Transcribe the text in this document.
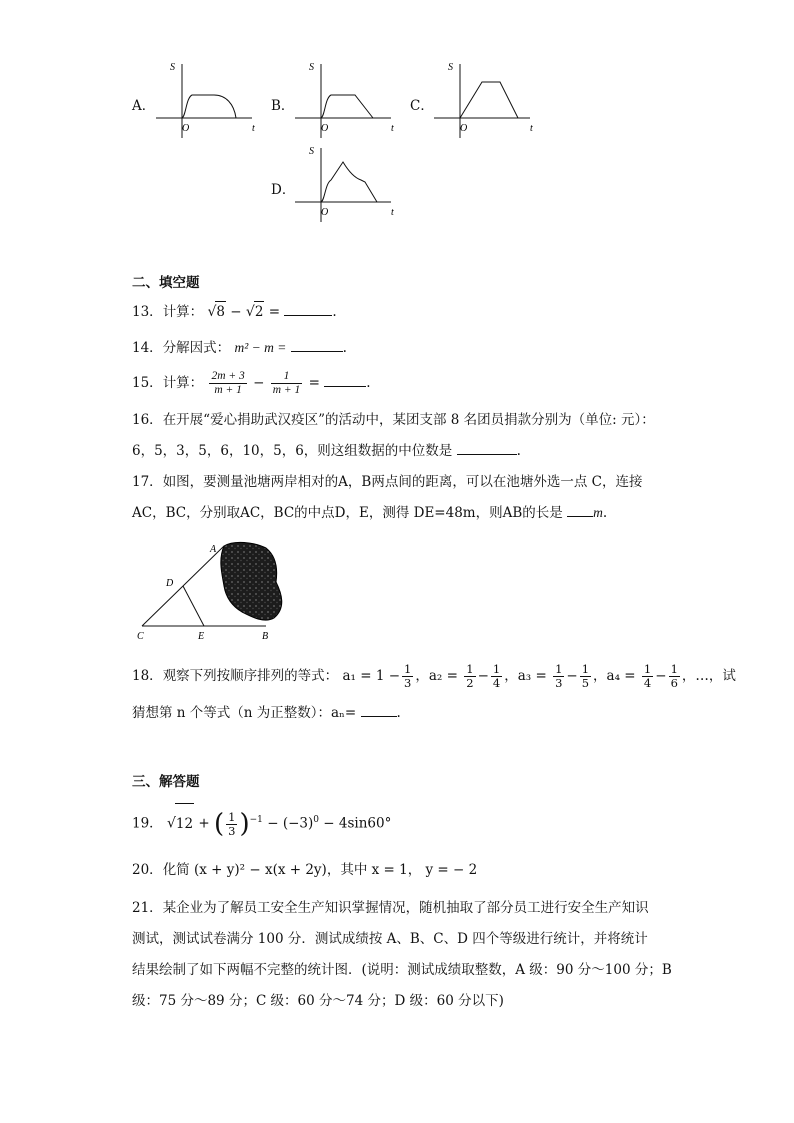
A．
S
O	t
B．
S
O	t
C．
S
O	t
D．
S
O	t
二、填空题
13．计算： √8 − √2 =	.
14．分解因式： m² − m =	.
15．计算： $\frac{2m + 3}{m + 1} - \frac{1}{m + 1}$ =	.
16．在开展“爱心捐助武汉疫区”的活动中，某团支部 8 名团员捐款分别为（单位: 元）：
6，5，3，5，6，10，5，6，则这组数据的中位数是	.
17．如图，要测量池塘两岸相对的A，B两点间的距离，可以在池塘外选一点 C，连接
AC，BC，分别取AC，BC的中点D，E，测得 DE=48m，则AB的长是 m.
A
D
C	E	B
18．观察下列按顺序排列的等式： $a_1 = 1 - \frac{1}{3}$ ，$a_2 = \frac{1}{2} - \frac{1}{4}$ ，$a_3 = \frac{1}{3} - \frac{1}{5}$ ，$a_4 = \frac{1}{4} - \frac{1}{6}$ ，…，试
猜想第 n 个等式（n 为正整数）：aₙ=	.
三、解答题
19． √12 + ( $\frac{1}{3} )^{-1} - (-3)^0 - 4\sin 60^\circ$
20．化简 (x + y)² − x(x + 2y)，其中 x = 1， y = − 2
21．某企业为了解员工安全生产知识掌握情况，随机抽取了部分员工进行安全生产知识
测试，测试试卷满分 100 分．测试成绩按 A、B、C、D 四个等级进行统计，并将统计
结果绘制了如下两幅不完整的统计图．(说明：测试成绩取整数，A 级：90 分～100 分；B
级：75 分～89 分；C 级：60 分～74 分；D 级：60 分以下)
